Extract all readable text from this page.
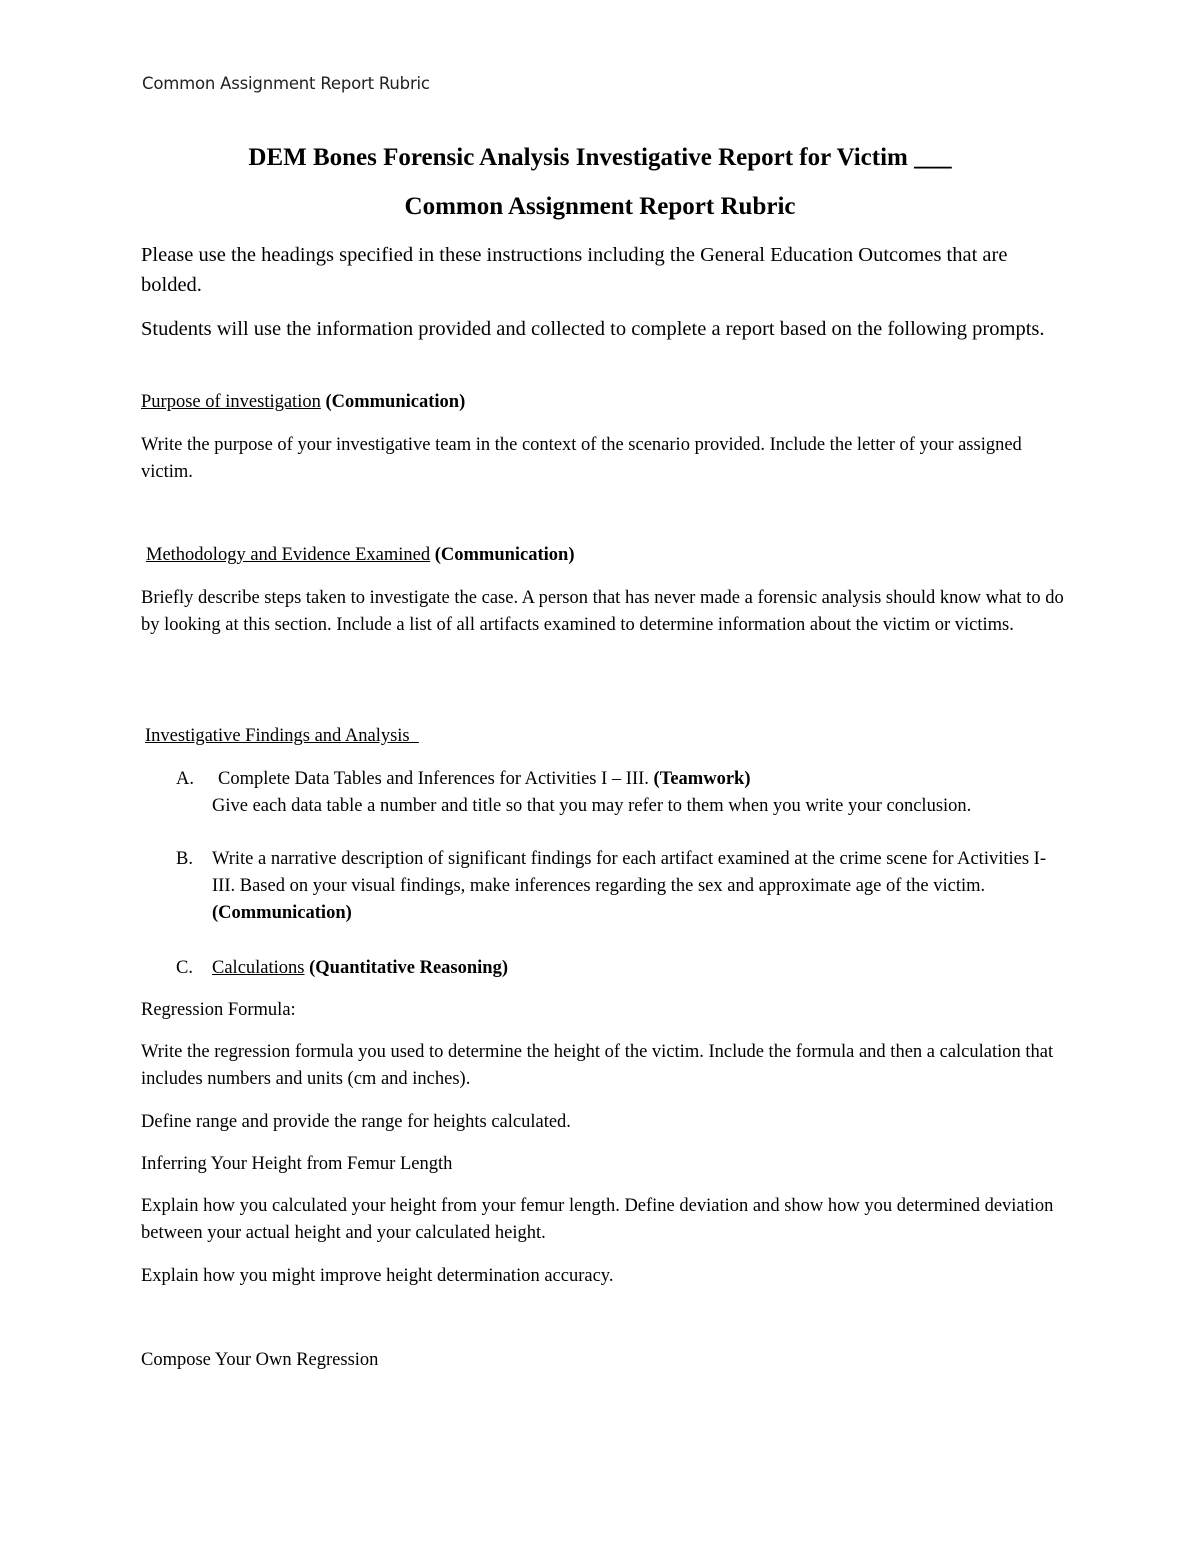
Common Assignment Report Rubric
DEM Bones Forensic Analysis Investigative Report for Victim ___
Common Assignment Report Rubric
Please use the headings specified in these instructions including the General Education Outcomes that are bolded.
Students will use the information provided and collected to complete a report based on the following prompts.
Purpose of investigation (Communication)
Write the purpose of your investigative team in the context of the scenario provided. Include the letter of your assigned victim.
Methodology and Evidence Examined (Communication)
Briefly describe steps taken to investigate the case. A person that has never made a forensic analysis should know what to do by looking at this section. Include a list of all artifacts examined to determine information about the victim or victims.
Investigative Findings and Analysis
A. Complete Data Tables and Inferences for Activities I – III. (Teamwork)
Give each data table a number and title so that you may refer to them when you write your conclusion.
B. Write a narrative description of significant findings for each artifact examined at the crime scene for Activities I-III. Based on your visual findings, make inferences regarding the sex and approximate age of the victim. (Communication)
C. Calculations (Quantitative Reasoning)
Regression Formula:
Write the regression formula you used to determine the height of the victim. Include the formula and then a calculation that includes numbers and units (cm and inches).
Define range and provide the range for heights calculated.
Inferring Your Height from Femur Length
Explain how you calculated your height from your femur length. Define deviation and show how you determined deviation between your actual height and your calculated height.
Explain how you might improve height determination accuracy.
Compose Your Own Regression
